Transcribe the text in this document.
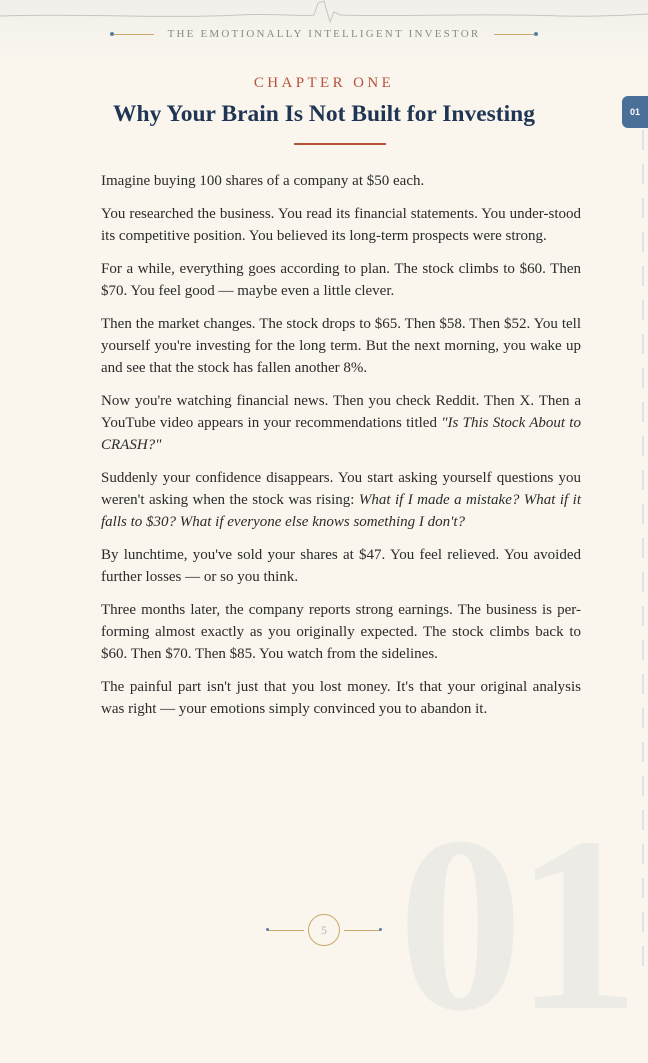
THE EMOTIONALLY INTELLIGENT INVESTOR
CHAPTER ONE
Why Your Brain Is Not Built for Investing	01

Imagine buying 100 shares of a company at $50 each.

You researched the business. You read its financial statements. You under-stood its competitive position. You believed its long-term prospects were strong.

For a while, everything goes according to plan. The stock climbs to $60. Then $70. You feel good — maybe even a little clever.

Then the market changes. The stock drops to $65. Then $58. Then $52. You tell yourself you're investing for the long term. But the next morning, you wake up and see that the stock has fallen another 8%.

Now you're watching financial news. Then you check Reddit. Then X. Then a YouTube video appears in your recommendations titled "Is This Stock About to CRASH?"

Suddenly your confidence disappears. You start asking yourself questions you weren't asking when the stock was rising: What if I made a mistake? What if it falls to $30? What if everyone else knows something I don't?

By lunchtime, you've sold your shares at $47. You feel relieved. You avoided further losses — or so you think.

Three months later, the company reports strong earnings. The business is per-forming almost exactly as you originally expected. The stock climbs back to $60. Then $70. Then $85. You watch from the sidelines.

The painful part isn't just that you lost money. It's that your original analysis was right — your emotions simply convinced you to abandon it.

01
5
